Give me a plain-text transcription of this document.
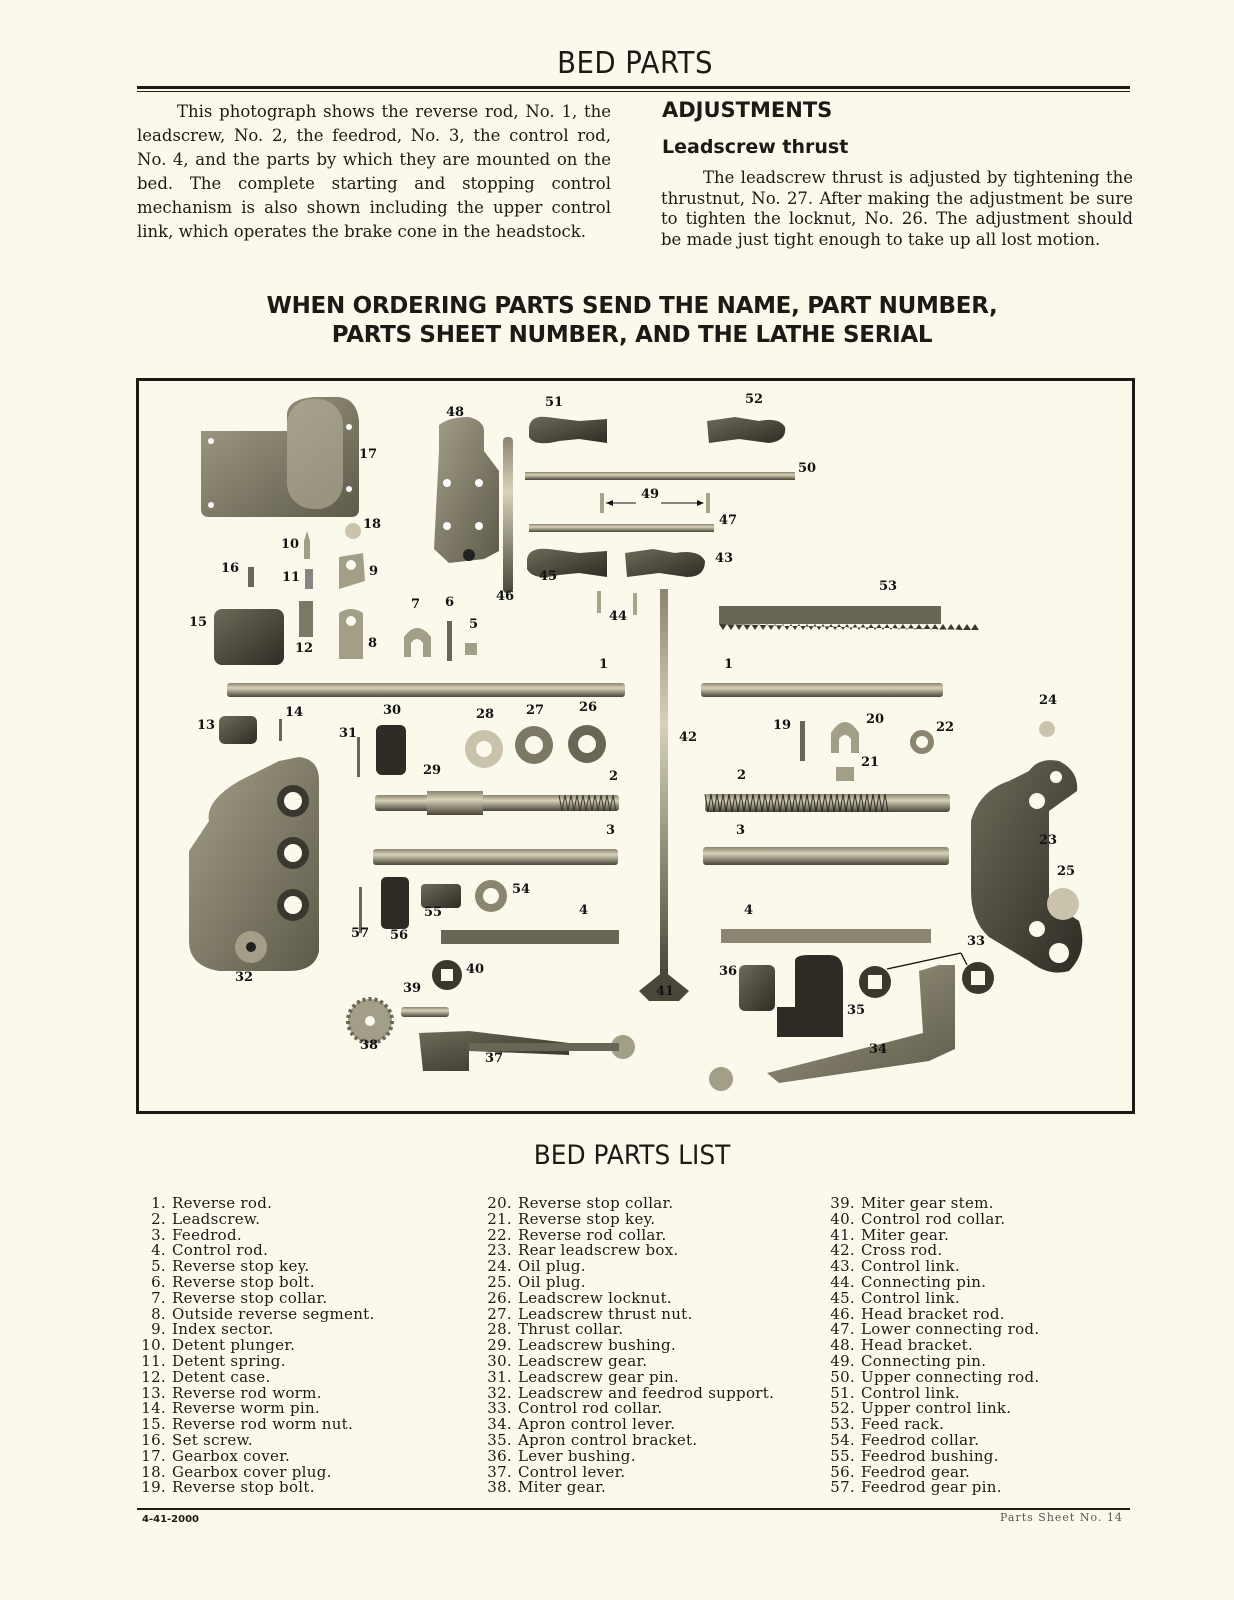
BED PARTS

This photograph shows the reverse rod, No. 1, the leadscrew, No. 2, the feedrod, No. 3, the control rod, No. 4, and the parts by which they are mounted on the bed. The complete starting and stopping control mechanism is also shown including the upper control link, which operates the brake cone in the headstock.

ADJUSTMENTS
Leadscrew thrust

The leadscrew thrust is adjusted by tightening the thrustnut, No. 27. After making the adjustment be sure to tighten the locknut, No. 26. The adjustment should be made just tight enough to take up all lost motion.

WHEN ORDERING PARTS SEND THE NAME, PART NUMBER,
PARTS SHEET NUMBER, AND THE LATHE SERIAL
17
18
10
16
11	9
15
12	8
7 6
5
48
46
51	52
50
49
47
45
43
44
53
1	1
24
13
14	30
31
28 27	26
42
19	20
22
21
29	2	2
3	3
23
25
54
55	4	4
57 56	33
32
40
41
36
39
35
38	34
37
BED PARTS LIST
1. Reverse rod.
2. Leadscrew.
3. Feedrod.
4. Control rod.
5. Reverse stop key.
6. Reverse stop bolt.
7. Reverse stop collar.
8. Outside reverse segment.
9. Index sector.
10. Detent plunger.
11. Detent spring.
12. Detent case.
13. Reverse rod worm.
14. Reverse worm pin.
15. Reverse rod worm nut.
16. Set screw.
17. Gearbox cover.
18. Gearbox cover plug.
19. Reverse stop bolt.
20. Reverse stop collar.
21. Reverse stop key.
22. Reverse rod collar.
23. Rear leadscrew box.
24. Oil plug.
25. Oil plug.
26. Leadscrew locknut.
27. Leadscrew thrust nut.
28. Thrust collar.
29. Leadscrew bushing.
30. Leadscrew gear.
31. Leadscrew gear pin.
32. Leadscrew and feedrod support.
33. Control rod collar.
34. Apron control lever.
35. Apron control bracket.
36. Lever bushing.
37. Control lever.
38. Miter gear.
39. Miter gear stem.
40. Control rod collar.
41. Miter gear.
42. Cross rod.
43. Control link.
44. Connecting pin.
45. Control link.
46. Head bracket rod.
47. Lower connecting rod.
48. Head bracket.
49. Connecting pin.
50. Upper connecting rod.
51. Control link.
52. Upper control link.
53. Feed rack.
54. Feedrod collar.
55. Feedrod bushing.
56. Feedrod gear.
57. Feedrod gear pin.
4-41-2000	Parts Sheet No. 14
